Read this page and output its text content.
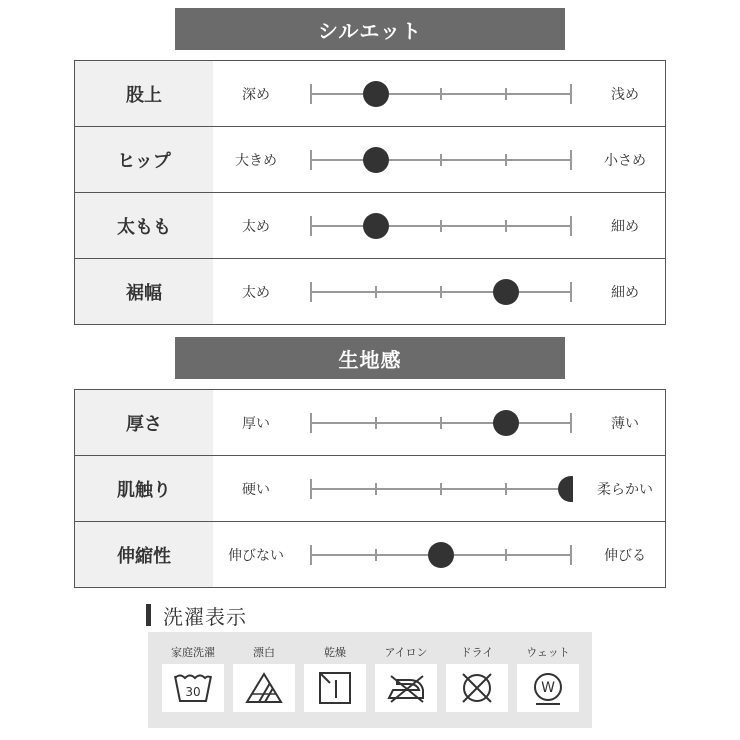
シルエット
股上	深め	浅め
ヒップ	大きめ	小さめ
太もも	太め	細め
裾幅	太め	細め
生地感
厚さ	厚い	薄い
肌触り	硬い	柔らかい
伸縮性	伸びない	伸びる
洗濯表示
家庭洗濯
30
漂白	乾燥	アイロン	ドライ	ウェット
W
